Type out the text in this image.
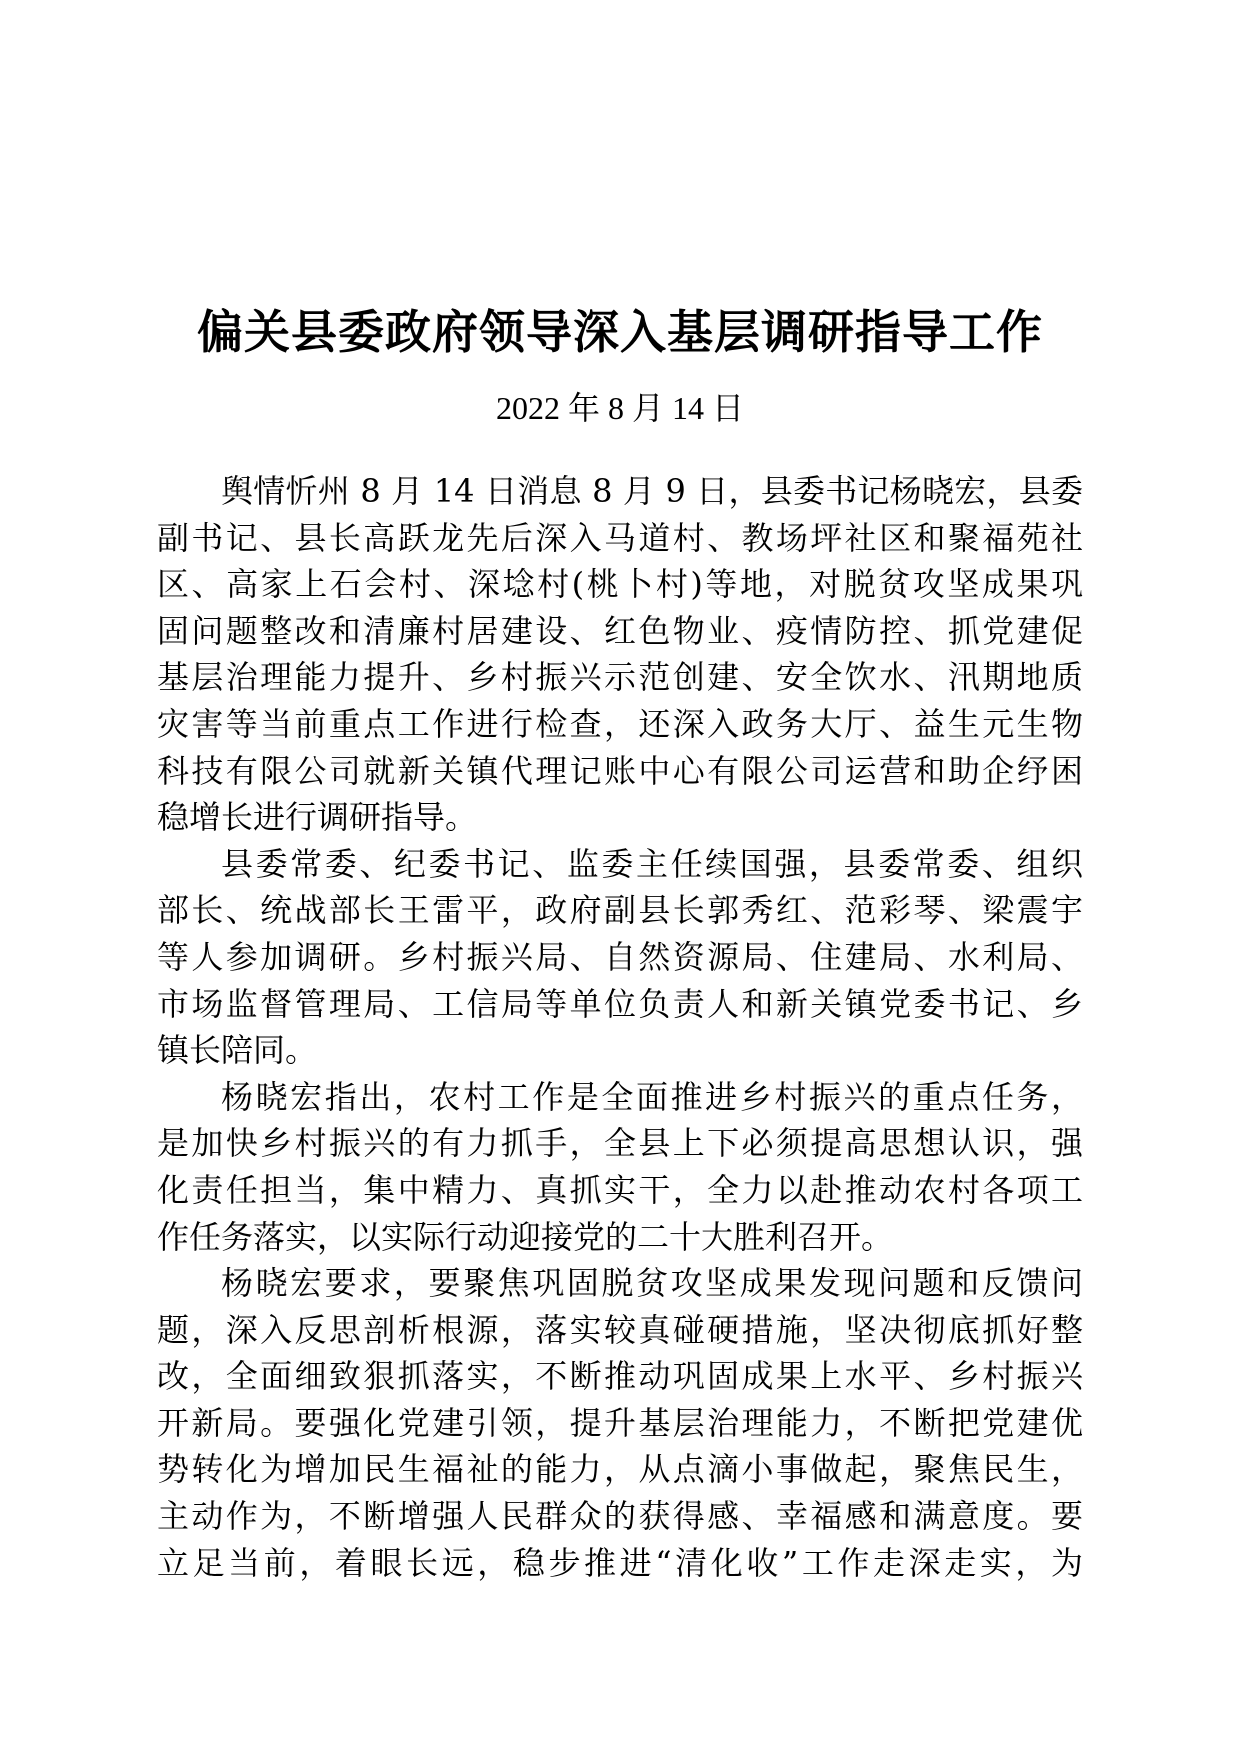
偏关县委政府领导深入基层调研指导工作
2022 年 8 月 14 日

舆情忻州 8 月 14 日消息 8 月 9 日，县委书记杨晓宏，县委
副书记、县长高跃龙先后深入马道村、教场坪社区和聚福苑社
区、高家上石会村、深埝村(桃卜村)等地，对脱贫攻坚成果巩
固问题整改和清廉村居建设、红色物业、疫情防控、抓党建促
基层治理能力提升、乡村振兴示范创建、安全饮水、汛期地质
灾害等当前重点工作进行检查，还深入政务大厅、益生元生物
科技有限公司就新关镇代理记账中心有限公司运营和助企纾困
稳增长进行调研指导。

县委常委、纪委书记、监委主任续国强，县委常委、组织
部长、统战部长王雷平，政府副县长郭秀红、范彩琴、梁震宇
等人参加调研。乡村振兴局、自然资源局、住建局、水利局、
市场监督管理局、工信局等单位负责人和新关镇党委书记、乡
镇长陪同。

杨晓宏指出，农村工作是全面推进乡村振兴的重点任务，
是加快乡村振兴的有力抓手，全县上下必须提高思想认识，强
化责任担当，集中精力、真抓实干，全力以赴推动农村各项工
作任务落实，以实际行动迎接党的二十大胜利召开。

杨晓宏要求，要聚焦巩固脱贫攻坚成果发现问题和反馈问
题，深入反思剖析根源，落实较真碰硬措施，坚决彻底抓好整
改，全面细致狠抓落实，不断推动巩固成果上水平、乡村振兴
开新局。要强化党建引领，提升基层治理能力，不断把党建优
势转化为增加民生福祉的能力，从点滴小事做起，聚焦民生，
主动作为，不断增强人民群众的获得感、幸福感和满意度。要
立足当前，着眼长远，稳步推进“清化收”工作走深走实，为
